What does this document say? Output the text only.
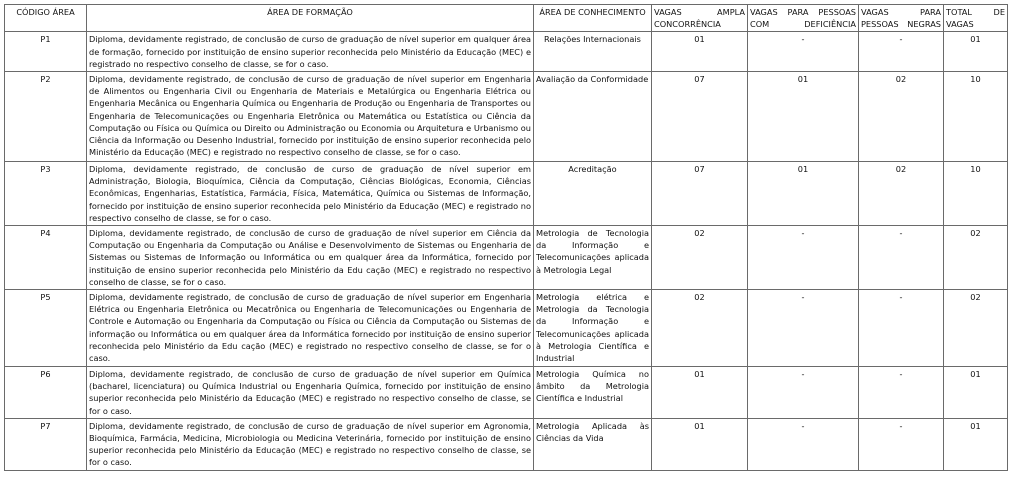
CÓDIGO ÁREA	ÁREA DE FORMAÇÃO	ÁREA DE CONHECIMENTO	VAGAS AMPLA CONCORRÊNCIA	VAGAS PARA PESSOAS COM DEFICIÊNCIA	VAGAS PARA PESSOAS NEGRAS	TOTAL DE VAGAS
P1	Diploma, devidamente registrado, de conclusão de curso de graduação de nível superior em qualquer área de formação, fornecido por instituição de ensino superior reconhecida pelo Ministério da Educação (MEC) e registrado no respectivo conselho de classe, se for o caso.	Relações Internacionais	01	-	-	01
P2	Diploma, devidamente registrado, de conclusão de curso de graduação de nível superior em Engenharia de Alimentos ou Engenharia Civil ou Engenharia de Materiais e Metalúrgica ou Engenharia Elétrica ou Engenharia Mecânica ou Engenharia Química ou Engenharia de Produção ou Engenharia de Transportes ou Engenharia de Telecomunicações ou Engenharia Eletrônica ou Matemática ou Estatística ou Ciência da Computação ou Física ou Química ou Direito ou Administração ou Economia ou Arquitetura e Urbanismo ou Ciência da Informação ou Desenho Industrial, fornecido por instituição de ensino superior reconhecida pelo Ministério da Educação (MEC) e registrado no respectivo conselho de classe, se for o caso.	Avaliação da Conformidade	07	01	02	10
P3	Diploma, devidamente registrado, de conclusão de curso de graduação de nível superior em Administração, Biologia, Bioquímica, Ciência da Computação, Ciências Biológicas, Economia, Ciências Econômicas, Engenharias, Estatística, Farmácia, Física, Matemática, Química ou Sistemas de Informação, fornecido por instituição de ensino superior reconhecida pelo Ministério da Educação (MEC) e registrado no respectivo conselho de classe, se for o caso.	Acreditação	07	01	02	10
P4	Diploma, devidamente registrado, de conclusão de curso de graduação de nível superior em Ciência da Computação ou Engenharia da Computação ou Análise e Desenvolvimento de Sistemas ou Engenharia de Sistemas ou Sistemas de Informação ou Informática ou em qualquer área da Informática, fornecido por instituição de ensino superior reconhecida pelo Ministério da Edu cação (MEC) e registrado no respectivo conselho de classe, se for o caso.	Metrologia de Tecnologia da Informação e Telecomunicações aplicada à Metrologia Legal	02	-	-	02
P5	Diploma, devidamente registrado, de conclusão de curso de graduação de nível superior em Engenharia Elétrica ou Engenharia Eletrônica ou Mecatrônica ou Engenharia de Telecomunicações ou Engenharia de Controle e Automação ou Engenharia da Computação ou Física ou Ciência da Computação ou Sistemas de informação ou Informática ou em qualquer área da Informática fornecido por instituição de ensino superior reconhecida pelo Ministério da Edu cação (MEC) e registrado no respectivo conselho de classe, se for o caso.	Metrologia elétrica e Metrologia da Tecnologia da Informação e Telecomunicações aplicada à Metrologia Científica e Industrial	02	-	-	02
P6	Diploma, devidamente registrado, de conclusão de curso de graduação de nível superior em Química (bacharel, licenciatura) ou Química Industrial ou Engenharia Química, fornecido por instituição de ensino superior reconhecida pelo Ministério da Educação (MEC) e registrado no respectivo conselho de classe, se for o caso.	Metrologia Química no âmbito da Metrologia Científica e Industrial	01	-	-	01
P7	Diploma, devidamente registrado, de conclusão de curso de graduação de nível superior em Agronomia, Bioquímica, Farmácia, Medicina, Microbiologia ou Medicina Veterinária, fornecido por instituição de ensino superior reconhecida pelo Ministério da Educação (MEC) e registrado no respectivo conselho de classe, se for o caso.	Metrologia Aplicada às Ciências da Vida	01	-	-	01
